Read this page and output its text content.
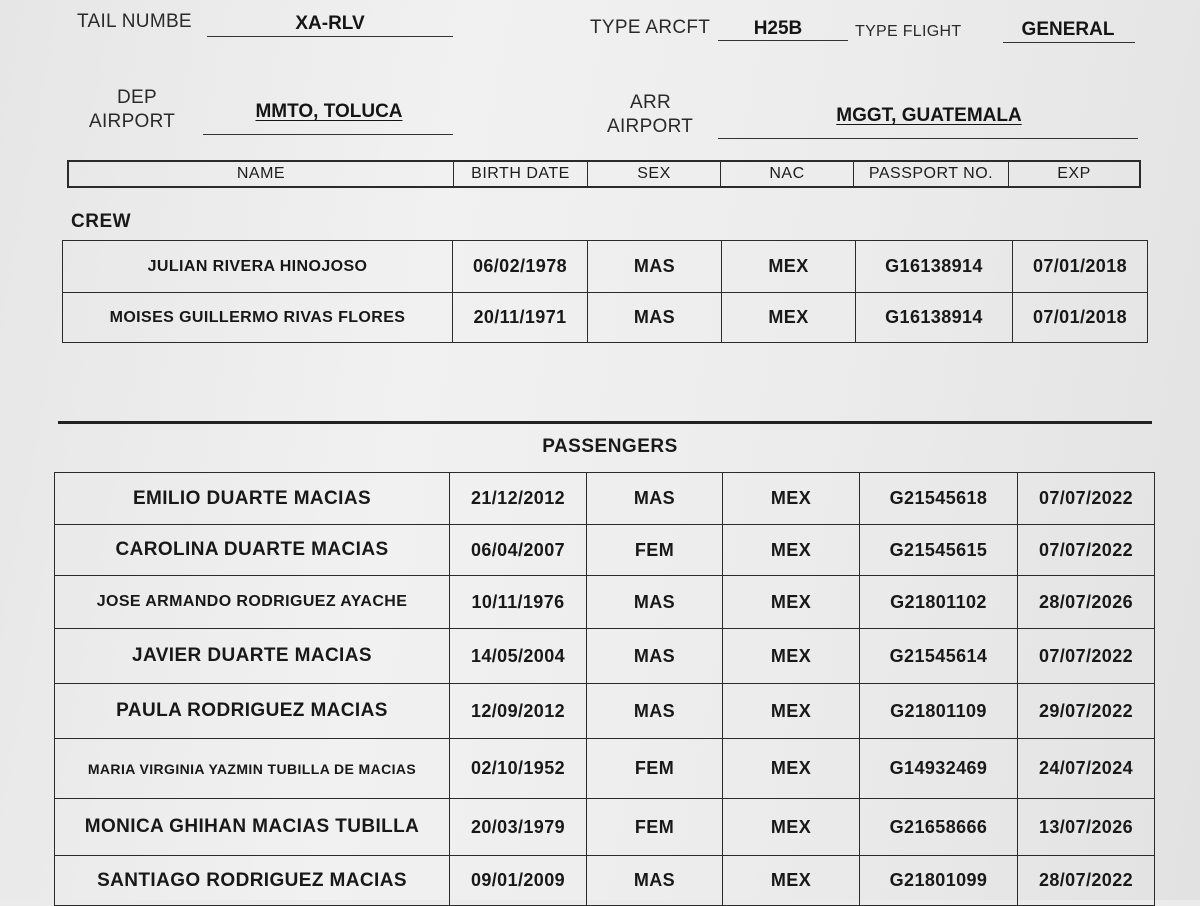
TAIL NUMBE	XA-RLV	TYPE ARCFT	H25B	TYPE FLIGHT	GENERAL
DEP
AIRPORT	MMTO, TOLUCA	ARR
AIRPORT
MGGT, GUATEMALA
NAME	BIRTH DATE	SEX	NAC	PASSPORT NO.	EXP
CREW
JULIAN RIVERA HINOJOSO	06/02/1978	MAS	MEX	G16138914	07/01/2018
MOISES GUILLERMO RIVAS FLORES	20/11/1971	MAS	MEX	G16138914	07/01/2018
PASSENGERS
EMILIO DUARTE MACIAS	21/12/2012	MAS	MEX	G21545618	07/07/2022
CAROLINA DUARTE MACIAS	06/04/2007	FEM	MEX	G21545615	07/07/2022
JOSE ARMANDO RODRIGUEZ AYACHE	10/11/1976	MAS	MEX	G21801102	28/07/2026
JAVIER DUARTE MACIAS	14/05/2004	MAS	MEX	G21545614	07/07/2022
PAULA RODRIGUEZ MACIAS	12/09/2012	MAS	MEX	G21801109	29/07/2022
MARIA VIRGINIA YAZMIN TUBILLA DE MACIAS	02/10/1952	FEM	MEX	G14932469	24/07/2024
MONICA GHIHAN MACIAS TUBILLA	20/03/1979	FEM	MEX	G21658666	13/07/2026
SANTIAGO RODRIGUEZ MACIAS	09/01/2009	MAS	MEX	G21801099	28/07/2022
